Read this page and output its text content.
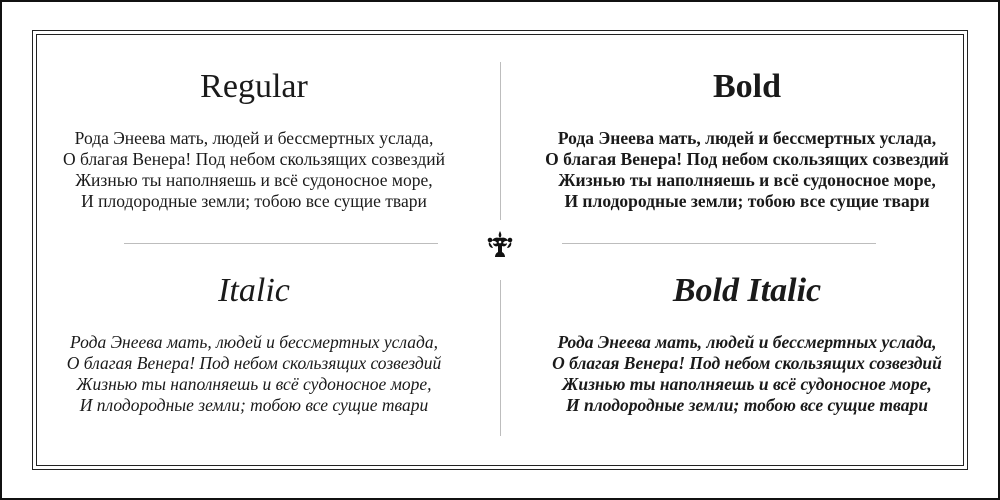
Regular
Рода Энеева мать, людей и бессмертных услада,
О благая Венера! Под небом скользящих созвездий
Жизнью ты наполняешь и всё судоносное море,
И плодородные земли; тобою все сущие твари
Bold
Рода Энеева мать, людей и бессмертных услада,
О благая Венера! Под небом скользящих созвездий
Жизнью ты наполняешь и всё судоносное море,
И плодородные земли; тобою все сущие твари
Italic
Рода Энеева мать, людей и бессмертных услада,
О благая Венера! Под небом скользящих созвездий
Жизнью ты наполняешь и всё судоносное море,
И плодородные земли; тобою все сущие твари
Bold Italic
Рода Энеева мать, людей и бессмертных услада,
О благая Венера! Под небом скользящих созвездий
Жизнью ты наполняешь и всё судоносное море,
И плодородные земли; тобою все сущие твари
